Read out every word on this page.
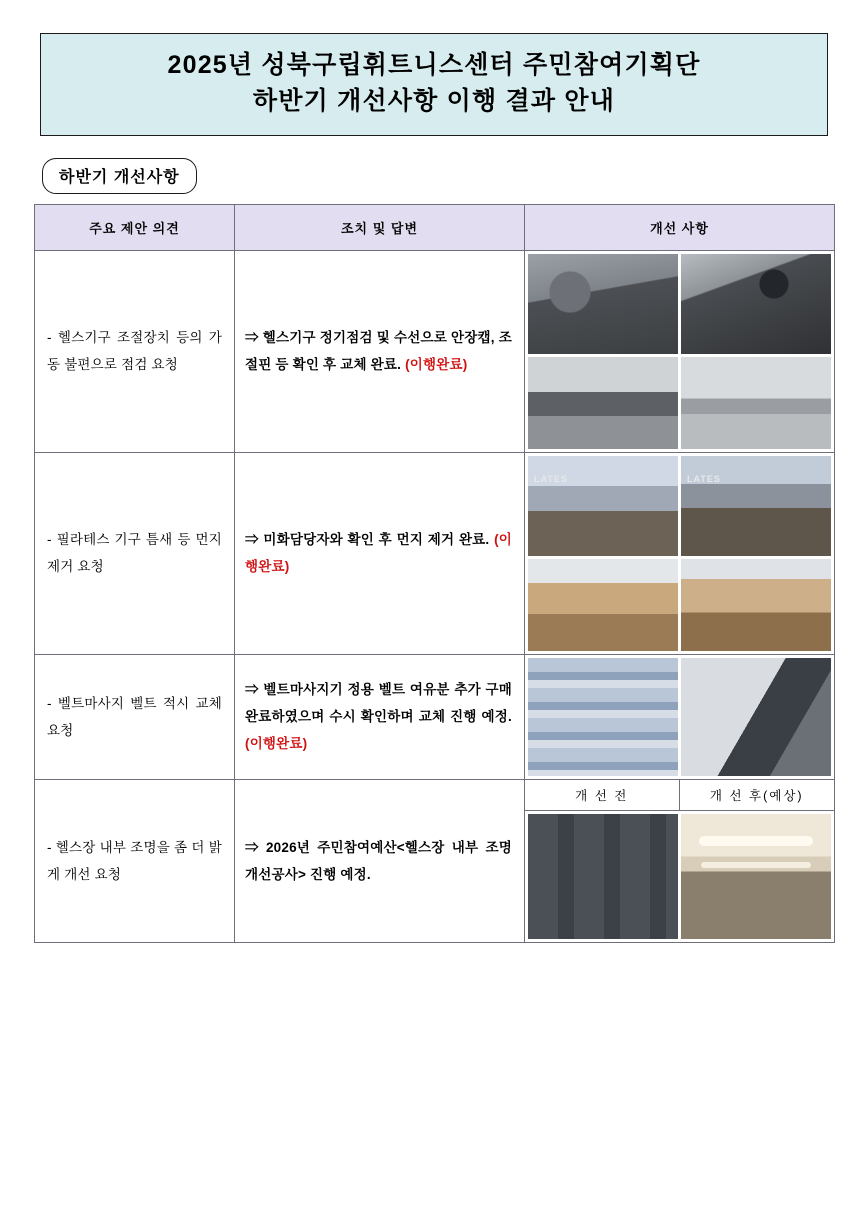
2025년 성북구립휘트니스센터 주민참여기획단
하반기 개선사항 이행 결과 안내
하반기 개선사항
주요 제안 의견	조치 및 답변	개선 사항
- 헬스기구 조절장치 등의 가동 불편으로 점검 요청	⇒ 헬스기구 정기점검 및 수선으로 안장캡, 조절핀 등 확인 후 교체 완료. (이행완료)	

- 필라테스 기구 틈새 등 먼지 제거 요청	⇒ 미화담당자와 확인 후 먼지 제거 완료. (이행완료)	LATES LATES

- 벨트마사지 벨트 적시 교체 요청	⇒ 벨트마사지기 정용 벨트 여유분 추가 구매 완료하였으며 수시 확인하며 교체 진행 예정. (이행완료)	

- 헬스장 내부 조명을 좀 더 밝게 개선 요청	⇒ 2026년 주민참여예산<헬스장 내부 조명 개선공사> 진행 예정.	개 선 전 개 선 후(예상)
